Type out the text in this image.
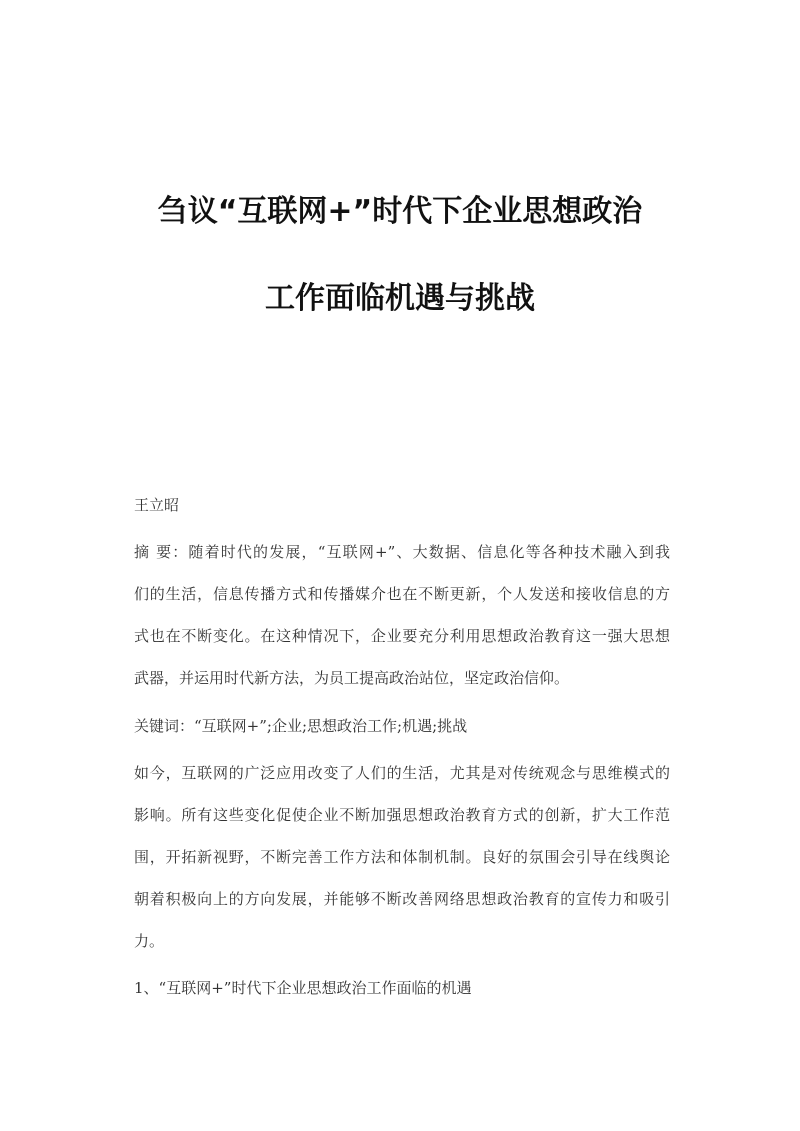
刍议“互联网+”时代下企业思想政治
工作面临机遇与挑战
王立昭
摘 要：随着时代的发展，“互联网+”、大数据、信息化等各种技术融入到我
们的生活，信息传播方式和传播媒介也在不断更新，个人发送和接收信息的方
式也在不断变化。在这种情况下，企业要充分利用思想政治教育这一强大思想
武器，并运用时代新方法，为员工提高政治站位，坚定政治信仰。
关键词：“互联网+”;企业;思想政治工作;机遇;挑战
如今，互联网的广泛应用改变了人们的生活，尤其是对传统观念与思维模式的
影响。所有这些变化促使企业不断加强思想政治教育方式的创新，扩大工作范
围，开拓新视野，不断完善工作方法和体制机制。良好的氛围会引导在线舆论
朝着积极向上的方向发展，并能够不断改善网络思想政治教育的宣传力和吸引
力。
1、“互联网+”时代下企业思想政治工作面临的机遇
